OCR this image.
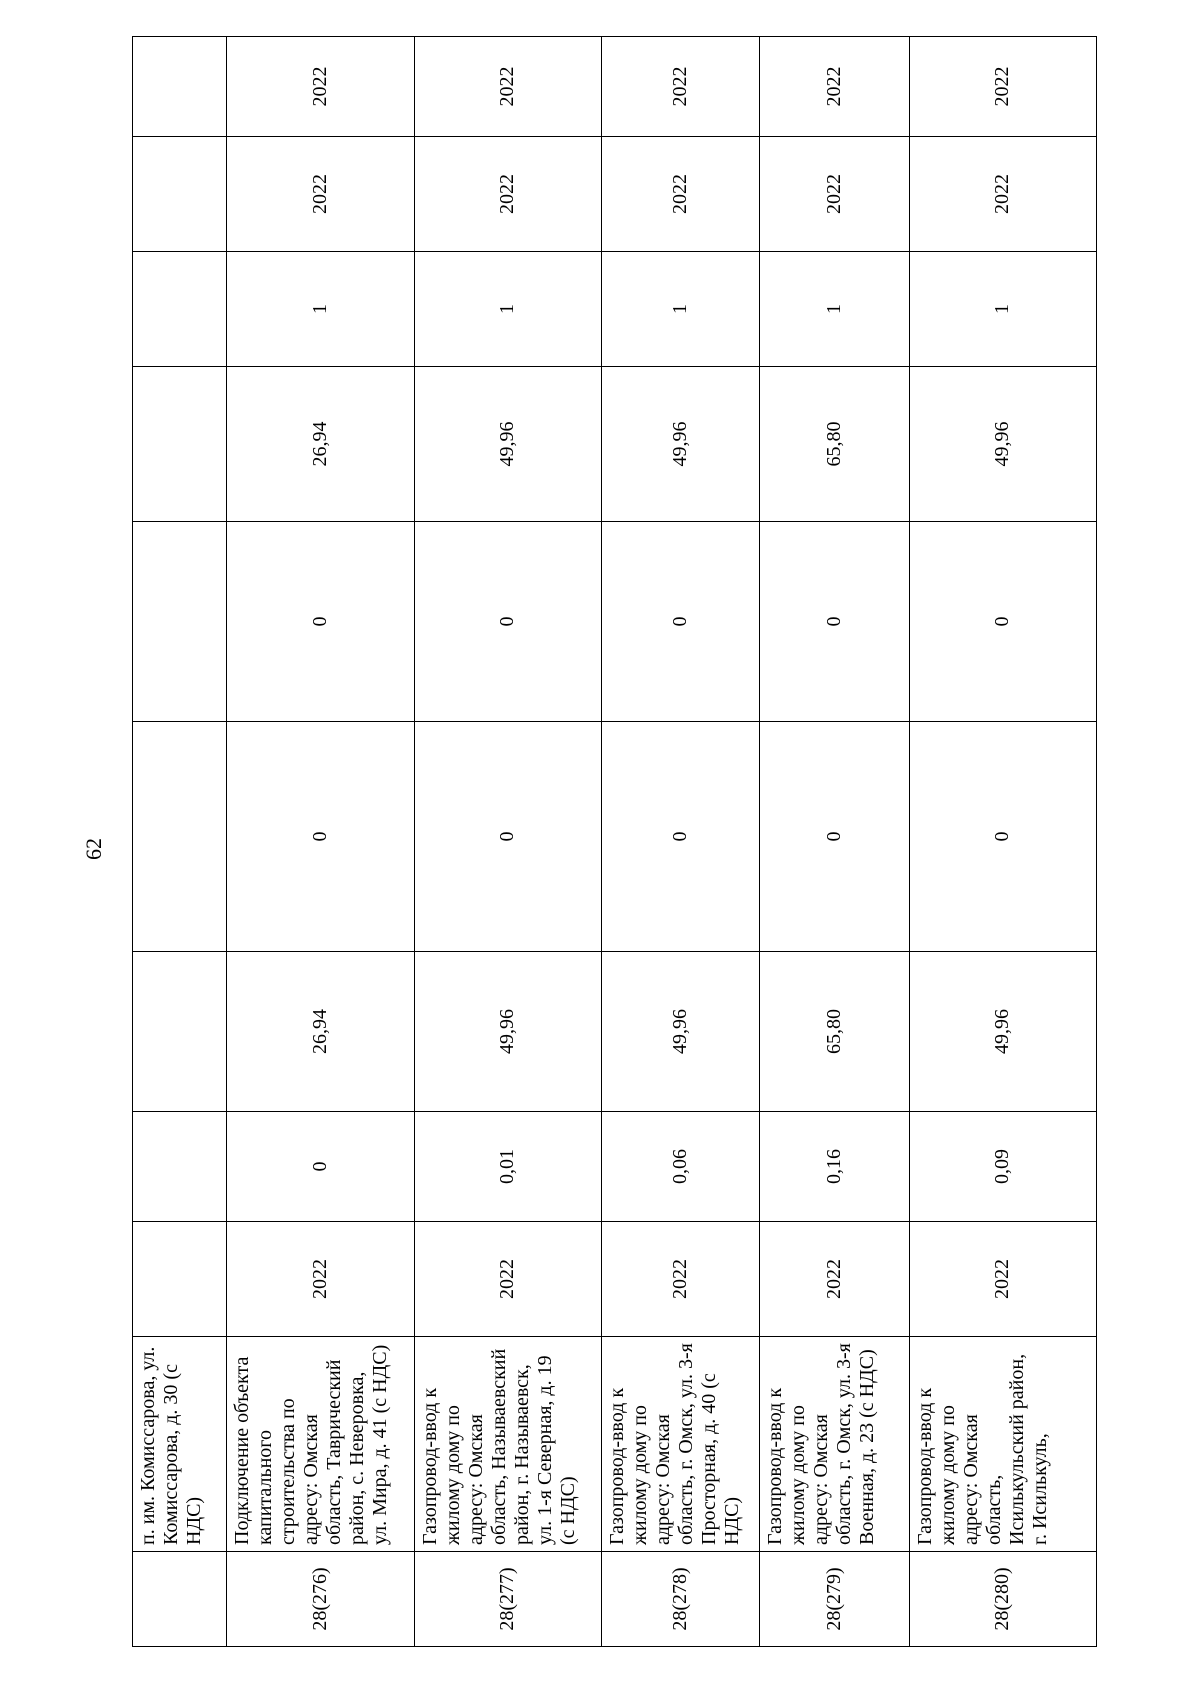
62
	п. им. Комиссарова, ул. Комиссарова, д. 30 (с НДС)									
28(276)	Подключение объекта капитального строительства по адресу: Омская область, Таврический район, с. Неверовка, ул. Мира, д. 41 (с НДС)	2022	0	26,94	0	0	26,94	1	2022	2022
28(277)	Газопровод-ввод к жилому дому по адресу: Омская область, Называевский район, г. Называевск, ул. 1-я Северная, д. 19 (с НДС)	2022	0,01	49,96	0	0	49,96	1	2022	2022
28(278)	Газопровод-ввод к жилому дому по адресу: Омская область, г. Омск, ул. 3-я Просторная, д. 40 (с НДС)	2022	0,06	49,96	0	0	49,96	1	2022	2022
28(279)	Газопровод-ввод к жилому дому по адресу: Омская область, г. Омск, ул. 3-я Военная, д. 23 (с НДС)	2022	0,16	65,80	0	0	65,80	1	2022	2022
28(280)	Газопровод-ввод к жилому дому по адресу: Омская область, Исилькульский район, г. Исилькуль,	2022	0,09	49,96	0	0	49,96	1	2022	2022
